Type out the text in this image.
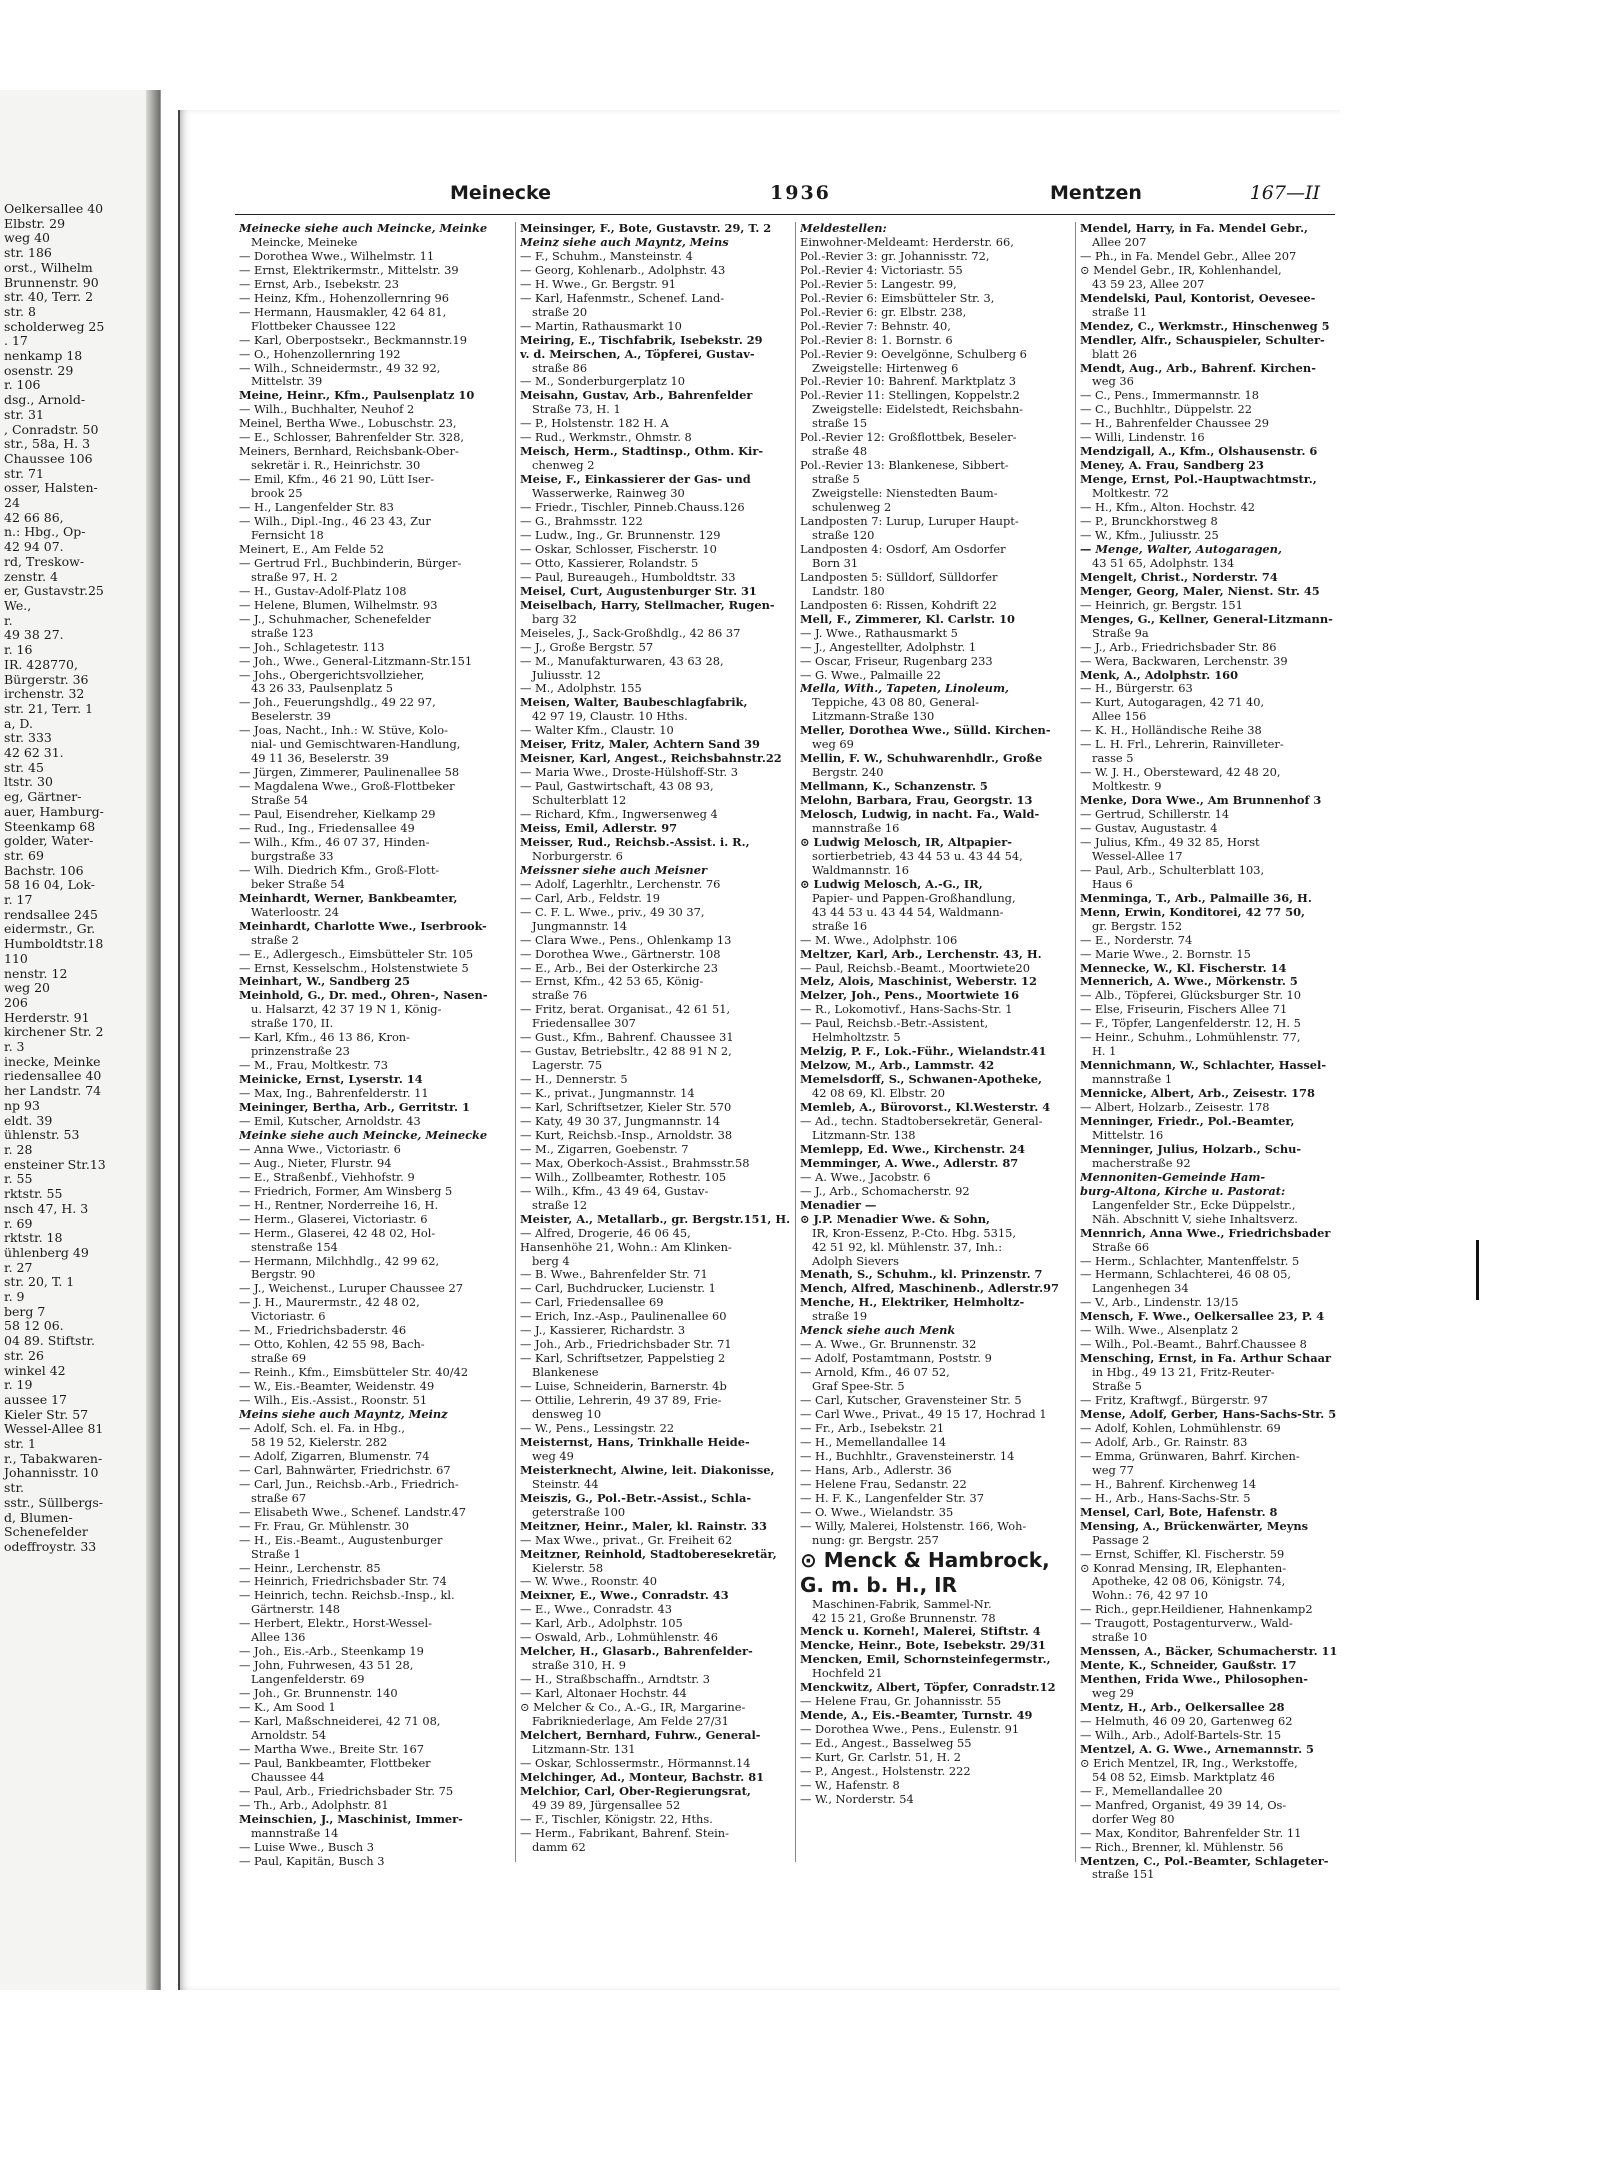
Oelkersallee 40
Elbstr. 29
weg 40
str. 186
orst., Wilhelm
Brunnenstr. 90
str. 40, Terr. 2
str. 8
scholderweg 25
. 17
nenkamp 18
osenstr. 29
r. 106
dsg., Arnold-
str. 31
, Conradstr. 50
str., 58a, H. 3
Chaussee 106
str. 71
osser, Halsten-
24
42 66 86,
n.: Hbg., Op-
42 94 07.
rd, Treskow-
zenstr. 4
er, Gustavstr.25
We.,
r.
49 38 27.
r. 16
IR. 428770,
Bürgerstr. 36
irchenstr. 32
str. 21, Terr. 1
a, D.
str. 333
42 62 31.
str. 45
ltstr. 30
eg, Gärtner-
auer, Hamburg-
Steenkamp 68
golder, Water-
str. 69
Bachstr. 106
58 16 04, Lok-
r. 17
rendsallee 245
eidermstr., Gr.
Humboldtstr.18
110
nenstr. 12
weg 20
206
Herderstr. 91
kirchener Str. 2
r. 3
inecke, Meinke
riedensallee 40
her Landstr. 74
np 93
eldt. 39
ühlenstr. 53
r. 28
ensteiner Str.13
r. 55
rktstr. 55
nsch 47, H. 3
r. 69
rktstr. 18
ühlenberg 49
r. 27
str. 20, T. 1
r. 9
berg 7
58 12 06.
04 89. Stiftstr.
str. 26
winkel 42
r. 19
aussee 17
Kieler Str. 57
Wessel-Allee 81
str. 1
r., Tabakwaren-
Johannisstr. 10
str.
sstr., Süllbergs-
d, Blumen-
Schenefelder
odeffroystr. 33
Meinecke	1936	Mentzen	167—II
Meinecke siehe auch Meincke, Meinke
Meincke, Meineke
— Dorothea Wwe., Wilhelmstr. 11
— Ernst, Elektrikermstr., Mittelstr. 39
— Ernst, Arb., Isebekstr. 23
— Heinz, Kfm., Hohenzollernring 96
— Hermann, Hausmakler, 42 64 81,
Flottbeker Chaussee 122
— Karl, Oberpostsekr., Beckmannstr.19
— O., Hohenzollernring 192
— Wilh., Schneidermstr., 49 32 92,
Mittelstr. 39
Meine, Heinr., Kfm., Paulsenplatz 10
— Wilh., Buchhalter, Neuhof 2
Meinel, Bertha Wwe., Lobuschstr. 23,
— E., Schlosser, Bahrenfelder Str. 328,
Meiners, Bernhard, Reichsbank-Ober-
sekretär i. R., Heinrichstr. 30
— Emil, Kfm., 46 21 90, Lütt Iser-
brook 25
— H., Langenfelder Str. 83
— Wilh., Dipl.-Ing., 46 23 43, Zur
Fernsicht 18
Meinert, E., Am Felde 52
— Gertrud Frl., Buchbinderin, Bürger-
straße 97, H. 2
— H., Gustav-Adolf-Platz 108
— Helene, Blumen, Wilhelmstr. 93
— J., Schuhmacher, Schenefelder
straße 123
— Joh., Schlagetestr. 113
— Joh., Wwe., General-Litzmann-Str.151
— Johs., Obergerichtsvollzieher,
43 26 33, Paulsenplatz 5
— Joh., Feuerungshdlg., 49 22 97,
Beselerstr. 39
— Joas, Nacht., Inh.: W. Stüve, Kolo-
nial- und Gemischtwaren-Handlung,
49 11 36, Beselerstr. 39
— Jürgen, Zimmerer, Paulinenallee 58
— Magdalena Wwe., Groß-Flottbeker
Straße 54
— Paul, Eisendreher, Kielkamp 29
— Rud., Ing., Friedensallee 49
— Wilh., Kfm., 46 07 37, Hinden-
burgstraße 33
— Wilh. Diedrich Kfm., Groß-Flott-
beker Straße 54
Meinhardt, Werner, Bankbeamter,
Waterloostr. 24
Meinhardt, Charlotte Wwe., Iserbrook-
straße 2
— E., Adlergesch., Eimsbütteler Str. 105
— Ernst, Kesselschm., Holstenstwiete 5
Meinhart, W., Sandberg 25
Meinhold, G., Dr. med., Ohren-, Nasen-
u. Halsarzt, 42 37 19 N 1, König-
straße 170, II.
— Karl, Kfm., 46 13 86, Kron-
prinzenstraße 23
— M., Frau, Moltkestr. 73
Meinicke, Ernst, Lyserstr. 14
— Max, Ing., Bahrenfelderstr. 11
Meininger, Bertha, Arb., Gerritstr. 1
— Emil, Kutscher, Arnoldstr. 43
Meinke siehe auch Meincke, Meinecke
— Anna Wwe., Victoriastr. 6
— Aug., Nieter, Flurstr. 94
— E., Straßenbf., Viehhofstr. 9
— Friedrich, Former, Am Winsberg 5
— H., Rentner, Norderreihe 16, H.
— Herm., Glaserei, Victoriastr. 6
— Herm., Glaserei, 42 48 02, Hol-
stenstraße 154
— Hermann, Milchhdlg., 42 99 62,
Bergstr. 90
— J., Weichenst., Luruper Chaussee 27
— J. H., Maurermstr., 42 48 02,
Victoriastr. 6
— M., Friedrichsbaderstr. 46
— Otto, Kohlen, 42 55 98, Bach-
straße 69
— Reinh., Kfm., Eimsbütteler Str. 40/42
— W., Eis.-Beamter, Weidenstr. 49
— Wilh., Eis.-Assist., Roonstr. 51
Meins siehe auch Mayntz, Meinz
— Adolf, Sch. el. Fa. in Hbg.,
58 19 52, Kielerstr. 282
— Adolf, Zigarren, Blumenstr. 74
— Carl, Bahnwärter, Friedrichstr. 67
— Carl, Jun., Reichsb.-Arb., Friedrich-
straße 67
— Elisabeth Wwe., Schenef. Landstr.47
— Fr. Frau, Gr. Mühlenstr. 30
— H., Eis.-Beamt., Augustenburger
Straße 1
— Heinr., Lerchenstr. 85
— Heinrich, Friedrichsbader Str. 74
— Heinrich, techn. Reichsb.-Insp., kl.
Gärtnerstr. 148
— Herbert, Elektr., Horst-Wessel-
Allee 136
— Joh., Eis.-Arb., Steenkamp 19
— John, Fuhrwesen, 43 51 28,
Langenfelderstr. 69
— Joh., Gr. Brunnenstr. 140
— K., Am Sood 1
— Karl, Maßschneiderei, 42 71 08,
Arnoldstr. 54
— Martha Wwe., Breite Str. 167
— Paul, Bankbeamter, Flottbeker
Chaussee 44
— Paul, Arb., Friedrichsbader Str. 75
— Th., Arb., Adolphstr. 81
Meinschien, J., Maschinist, Immer-
mannstraße 14
— Luise Wwe., Busch 3
— Paul, Kapitän, Busch 3
Meinsinger, F., Bote, Gustavstr. 29, T. 2
Meinz siehe auch Mayntz, Meins
— F., Schuhm., Mansteinstr. 4
— Georg, Kohlenarb., Adolphstr. 43
— H. Wwe., Gr. Bergstr. 91
— Karl, Hafenmstr., Schenef. Land-
straße 20
— Martin, Rathausmarkt 10
Meiring, E., Tischfabrik, Isebekstr. 29
v. d. Meirschen, A., Töpferei, Gustav-
straße 86
— M., Sonderburgerplatz 10
Meisahn, Gustav, Arb., Bahrenfelder
Straße 73, H. 1
— P., Holstenstr. 182 H. A
— Rud., Werkmstr., Ohmstr. 8
Meisch, Herm., Stadtinsp., Othm. Kir-
chenweg 2
Meise, F., Einkassierer der Gas- und
Wasserwerke, Rainweg 30
— Friedr., Tischler, Pinneb.Chauss.126
— G., Brahmsstr. 122
— Ludw., Ing., Gr. Brunnenstr. 129
— Oskar, Schlosser, Fischerstr. 10
— Otto, Kassierer, Rolandstr. 5
— Paul, Bureaugeh., Humboldtstr. 33
Meisel, Curt, Augustenburger Str. 31
Meiselbach, Harry, Stellmacher, Rugen-
barg 32
Meiseles, J., Sack-Großhdlg., 42 86 37
— J., Große Bergstr. 57
— M., Manufakturwaren, 43 63 28,
Juliusstr. 12
— M., Adolphstr. 155
Meisen, Walter, Baubeschlagfabrik,
42 97 19, Claustr. 10 Hths.
— Walter Kfm., Claustr. 10
Meiser, Fritz, Maler, Achtern Sand 39
Meisner, Karl, Angest., Reichsbahnstr.22
— Maria Wwe., Droste-Hülshoff-Str. 3
— Paul, Gastwirtschaft, 43 08 93,
Schulterblatt 12
— Richard, Kfm., Ingwersenweg 4
Meiss, Emil, Adlerstr. 97
Meisser, Rud., Reichsb.-Assist. i. R.,
Norburgerstr. 6
Meissner siehe auch Meisner
— Adolf, Lagerhltr., Lerchenstr. 76
— Carl, Arb., Feldstr. 19
— C. F. L. Wwe., priv., 49 30 37,
Jungmannstr. 14
— Clara Wwe., Pens., Ohlenkamp 13
— Dorothea Wwe., Gärtnerstr. 108
— E., Arb., Bei der Osterkirche 23
— Ernst, Kfm., 42 53 65, König-
straße 76
— Fritz, berat. Organisat., 42 61 51,
Friedensallee 307
— Gust., Kfm., Bahrenf. Chaussee 31
— Gustav, Betriebsltr., 42 88 91 N 2,
Lagerstr. 75
— H., Dennerstr. 5
— K., privat., Jungmannstr. 14
— Karl, Schriftsetzer, Kieler Str. 570
— Katy, 49 30 37, Jungmannstr. 14
— Kurt, Reichsb.-Insp., Arnoldstr. 38
— M., Zigarren, Goebenstr. 7
— Max, Oberkoch-Assist., Brahmsstr.58
— Wilh., Zollbeamter, Rothestr. 105
— Wilh., Kfm., 43 49 64, Gustav-
straße 12
Meister, A., Metallarb., gr. Bergstr.151, H.
— Alfred, Drogerie, 46 06 45,
Hansenhöhe 21, Wohn.: Am Klinken-
berg 4
— B. Wwe., Bahrenfelder Str. 71
— Carl, Buchdrucker, Lucienstr. 1
— Carl, Friedensallee 69
— Erich, Inz.-Asp., Paulinenallee 60
— J., Kassierer, Richardstr. 3
— Joh., Arb., Friedrichsbader Str. 71
— Karl, Schriftsetzer, Pappelstieg 2
Blankenese
— Luise, Schneiderin, Barnerstr. 4b
— Ottilie, Lehrerin, 49 37 89, Frie-
densweg 10
— W., Pens., Lessingstr. 22
Meisternst, Hans, Trinkhalle Heide-
weg 49
Meisterknecht, Alwine, leit. Diakonisse,
Steinstr. 44
Meiszis, G., Pol.-Betr.-Assist., Schla-
geterstraße 100
Meitzner, Heinr., Maler, kl. Rainstr. 33
— Max Wwe., privat., Gr. Freiheit 62
Meitzner, Reinhold, Stadtoberesekretär,
Kielerstr. 58
— W. Wwe., Roonstr. 40
Meixner, E., Wwe., Conradstr. 43
— E., Wwe., Conradstr. 43
— Karl, Arb., Adolphstr. 105
— Oswald, Arb., Lohmühlenstr. 46
Melcher, H., Glasarb., Bahrenfelder-
straße 310, H. 9
— H., Straßbschaffn., Arndtstr. 3
— Karl, Altonaer Hochstr. 44
⊙ Melcher & Co., A.-G., IR, Margarine-
Fabrikniederlage, Am Felde 27/31
Melchert, Bernhard, Fuhrw., General-
Litzmann-Str. 131
— Oskar, Schlossermstr., Hörmannst.14
Melchinger, Ad., Monteur, Bachstr. 81
Melchior, Carl, Ober-Regierungsrat,
49 39 89, Jürgensallee 52
— F., Tischler, Königstr. 22, Hths.
— Herm., Fabrikant, Bahrenf. Stein-
damm 62
Meldestellen:
Einwohner-Meldeamt: Herderstr. 66,
Pol.-Revier 3: gr. Johannisstr. 72,
Pol.-Revier 4: Victoriastr. 55
Pol.-Revier 5: Langestr. 99,
Pol.-Revier 6: Eimsbütteler Str. 3,
Pol.-Revier 6: gr. Elbstr. 238,
Pol.-Revier 7: Behnstr. 40,
Pol.-Revier 8: 1. Bornstr. 6
Pol.-Revier 9: Oevelgönne, Schulberg 6
Zweigstelle: Hirtenweg 6
Pol.-Revier 10: Bahrenf. Marktplatz 3
Pol.-Revier 11: Stellingen, Koppelstr.2
Zweigstelle: Eidelstedt, Reichsbahn-
straße 15
Pol.-Revier 12: Großflottbek, Beseler-
straße 48
Pol.-Revier 13: Blankenese, Sibbert-
straße 5
Zweigstelle: Nienstedten Baum-
schulenweg 2
Landposten 7: Lurup, Luruper Haupt-
straße 120
Landposten 4: Osdorf, Am Osdorfer
Born 31
Landposten 5: Sülldorf, Sülldorfer
Landstr. 180
Landposten 6: Rissen, Kohdrift 22
Mell, F., Zimmerer, Kl. Carlstr. 10
— J. Wwe., Rathausmarkt 5
— J., Angestellter, Adolphstr. 1
— Oscar, Friseur, Rugenbarg 233
— G. Wwe., Palmaille 22
Mella, With., Tapeten, Linoleum,
Teppiche, 43 08 80, General-
Litzmann-Straße 130
Meller, Dorothea Wwe., Sülld. Kirchen-
weg 69
Mellin, F. W., Schuhwarenhdlr., Große
Bergstr. 240
Mellmann, K., Schanzenstr. 5
Melohn, Barbara, Frau, Georgstr. 13
Melosch, Ludwig, in nacht. Fa., Wald-
mannstraße 16
⊙ Ludwig Melosch, IR, Altpapier-
sortierbetrieb, 43 44 53 u. 43 44 54,
Waldmannstr. 16
⊙ Ludwig Melosch, A.-G., IR,
Papier- und Pappen-Großhandlung,
43 44 53 u. 43 44 54, Waldmann-
straße 16
— M. Wwe., Adolphstr. 106
Meltzer, Karl, Arb., Lerchenstr. 43, H.
— Paul, Reichsb.-Beamt., Moortwiete20
Melz, Alois, Maschinist, Weberstr. 12
Melzer, Joh., Pens., Moortwiete 16
— R., Lokomotivf., Hans-Sachs-Str. 1
— Paul, Reichsb.-Betr.-Assistent,
Helmholtzstr. 5
Melzig, P. F., Lok.-Führ., Wielandstr.41
Melzow, M., Arb., Lammstr. 42
Memelsdorff, S., Schwanen-Apotheke,
42 08 69, Kl. Elbstr. 20
Memleb, A., Bürovorst., Kl.Westerstr. 4
— Ad., techn. Stadtobersekretär, General-
Litzmann-Str. 138
Memlepp, Ed. Wwe., Kirchenstr. 24
Memminger, A. Wwe., Adlerstr. 87
— A. Wwe., Jacobstr. 6
— J., Arb., Schomacherstr. 92
Menadier —
⊙ J.P. Menadier Wwe. & Sohn,
IR, Kron-Essenz, P.-Cto. Hbg. 5315,
42 51 92, kl. Mühlenstr. 37, Inh.:
Adolph Sievers
Menath, S., Schuhm., kl. Prinzenstr. 7
Mench, Alfred, Maschinenb., Adlerstr.97
Menche, H., Elektriker, Helmholtz-
straße 19
Menck siehe auch Menk
— A. Wwe., Gr. Brunnenstr. 32
— Adolf, Postamtmann, Poststr. 9
— Arnold, Kfm., 46 07 52,
Graf Spee-Str. 5
— Carl, Kutscher, Gravensteiner Str. 5
— Carl Wwe., Privat., 49 15 17, Hochrad 1
— Fr., Arb., Isebekstr. 21
— H., Memellandallee 14
— H., Buchhltr., Gravensteinerstr. 14
— Hans, Arb., Adlerstr. 36
— Helene Frau, Sedanstr. 22
— H. F. K., Langenfelder Str. 37
— O. Wwe., Wielandstr. 35
— Willy, Malerei, Holstenstr. 166, Woh-
nung: gr. Bergstr. 257
⊙ Menck & Hambrock,
G. m. b. H., IR
Maschinen-Fabrik, Sammel-Nr.
42 15 21, Große Brunnenstr. 78
Menck u. Korneh!, Malerei, Stiftstr. 4
Mencke, Heinr., Bote, Isebekstr. 29/31
Mencken, Emil, Schornsteinfegermstr.,
Hochfeld 21
Menckwitz, Albert, Töpfer, Conradstr.12
— Helene Frau, Gr. Johannisstr. 55
Mende, A., Eis.-Beamter, Turnstr. 49
— Dorothea Wwe., Pens., Eulenstr. 91
— Ed., Angest., Basselweg 55
— Kurt, Gr. Carlstr. 51, H. 2
— P., Angest., Holstenstr. 222
— W., Hafenstr. 8
— W., Norderstr. 54
Mendel, Harry, in Fa. Mendel Gebr.,
Allee 207
— Ph., in Fa. Mendel Gebr., Allee 207
⊙ Mendel Gebr., IR, Kohlenhandel,
43 59 23, Allee 207
Mendelski, Paul, Kontorist, Oevesee-
straße 11
Mendez, C., Werkmstr., Hinschenweg 5
Mendler, Alfr., Schauspieler, Schulter-
blatt 26
Mendt, Aug., Arb., Bahrenf. Kirchen-
weg 36
— C., Pens., Immermannstr. 18
— C., Buchhltr., Düppelstr. 22
— H., Bahrenfelder Chaussee 29
— Willi, Lindenstr. 16
Mendzigall, A., Kfm., Olshausenstr. 6
Meney, A. Frau, Sandberg 23
Menge, Ernst, Pol.-Hauptwachtmstr.,
Moltkestr. 72
— H., Kfm., Alton. Hochstr. 42
— P., Brunckhorstweg 8
— W., Kfm., Juliusstr. 25
— Menge, Walter, Autogaragen,
43 51 65, Adolphstr. 134
Mengelt, Christ., Norderstr. 74
Menger, Georg, Maler, Nienst. Str. 45
— Heinrich, gr. Bergstr. 151
Menges, G., Kellner, General-Litzmann-
Straße 9a
— J., Arb., Friedrichsbader Str. 86
— Wera, Backwaren, Lerchenstr. 39
Menk, A., Adolphstr. 160
— H., Bürgerstr. 63
— Kurt, Autogaragen, 42 71 40,
Allee 156
— K. H., Holländische Reihe 38
— L. H. Frl., Lehrerin, Rainvilleter-
rasse 5
— W. J. H., Obersteward, 42 48 20,
Moltkestr. 9
Menke, Dora Wwe., Am Brunnenhof 3
— Gertrud, Schillerstr. 14
— Gustav, Augustastr. 4
— Julius, Kfm., 49 32 85, Horst
Wessel-Allee 17
— Paul, Arb., Schulterblatt 103,
Haus 6
Menminga, T., Arb., Palmaille 36, H.
Menn, Erwin, Konditorei, 42 77 50,
gr. Bergstr. 152
— E., Norderstr. 74
— Marie Wwe., 2. Bornstr. 15
Mennecke, W., Kl. Fischerstr. 14
Mennerich, A. Wwe., Mörkenstr. 5
— Alb., Töpferei, Glücksburger Str. 10
— Else, Friseurin, Fischers Allee 71
— F., Töpfer, Langenfelderstr. 12, H. 5
— Heinr., Schuhm., Lohmühlenstr. 77,
H. 1
Mennichmann, W., Schlachter, Hassel-
mannstraße 1
Mennicke, Albert, Arb., Zeisestr. 178
— Albert, Holzarb., Zeisestr. 178
Menninger, Friedr., Pol.-Beamter,
Mittelstr. 16
Menninger, Julius, Holzarb., Schu-
macherstraße 92
Mennoniten-Gemeinde Ham-
burg-Altona, Kirche u. Pastorat:
Langenfelder Str., Ecke Düppelstr.,
Näh. Abschnitt V, siehe Inhaltsverz.
Mennrich, Anna Wwe., Friedrichsbader
Straße 66
— Herm., Schlachter, Mantenffelstr. 5
— Hermann, Schlachterei, 46 08 05,
Langenhegen 34
— V., Arb., Lindenstr. 13/15
Mensch, F. Wwe., Oelkersallee 23, P. 4
— Wilh. Wwe., Alsenplatz 2
— Wilh., Pol.-Beamt., Bahrf.Chaussee 8
Mensching, Ernst, in Fa. Arthur Schaar
in Hbg., 49 13 21, Fritz-Reuter-
Straße 5
— Fritz, Kraftwgf., Bürgerstr. 97
Mense, Adolf, Gerber, Hans-Sachs-Str. 5
— Adolf, Kohlen, Lohmühlenstr. 69
— Adolf, Arb., Gr. Rainstr. 83
— Emma, Grünwaren, Bahrf. Kirchen-
weg 77
— H., Bahrenf. Kirchenweg 14
— H., Arb., Hans-Sachs-Str. 5
Mensel, Carl, Bote, Hafenstr. 8
Mensing, A., Brückenwärter, Meyns
Passage 2
— Ernst, Schiffer, Kl. Fischerstr. 59
⊙ Konrad Mensing, IR, Elephanten-
Apotheke, 42 08 06, Königstr. 74,
Wohn.: 76, 42 97 10
— Rich., gepr.Heildiener, Hahnenkamp2
— Traugott, Postagenturverw., Wald-
straße 10
Menssen, A., Bäcker, Schumacherstr. 11
Mente, K., Schneider, Gaußstr. 17
Menthen, Frida Wwe., Philosophen-
weg 29
Mentz, H., Arb., Oelkersallee 28
— Helmuth, 46 09 20, Gartenweg 62
— Wilh., Arb., Adolf-Bartels-Str. 15
Mentzel, A. G. Wwe., Arnemannstr. 5
⊙ Erich Mentzel, IR, Ing., Werkstoffe,
54 08 52, Eimsb. Marktplatz 46
— F., Memellandallee 20
— Manfred, Organist, 49 39 14, Os-
dorfer Weg 80
— Max, Konditor, Bahrenfelder Str. 11
— Rich., Brenner, kl. Mühlenstr. 56
Mentzen, C., Pol.-Beamter, Schlageter-
straße 151
